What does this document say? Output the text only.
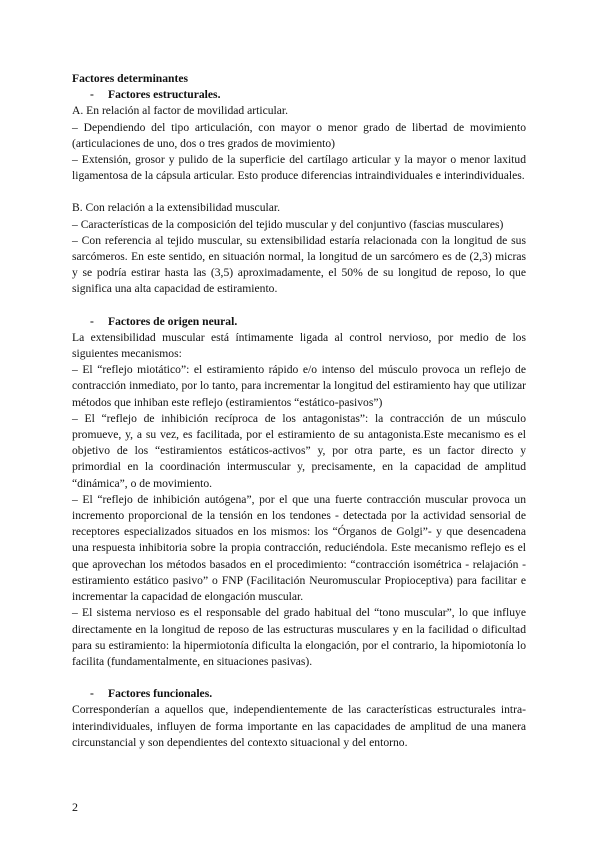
Factores determinantes

- Factores estructurales.

A. En relación al factor de movilidad articular.

– Dependiendo del tipo articulación, con mayor o menor grado de libertad de movimiento (articulaciones de uno, dos o tres grados de movimiento)

– Extensión, grosor y pulido de la superficie del cartílago articular y la mayor o menor laxitud ligamentosa de la cápsula articular. Esto produce diferencias intraindividuales e interindividuales.

B. Con relación a la extensibilidad muscular.

– Características de la composición del tejido muscular y del conjuntivo (fascias musculares)

– Con referencia al tejido muscular, su extensibilidad estaría relacionada con la longitud de sus sarcómeros. En este sentido, en situación normal, la longitud de un sarcómero es de (2,3) micras y se podría estirar hasta las (3,5) aproximadamente, el 50% de su longitud de reposo, lo que significa una alta capacidad de estiramiento.

- Factores de origen neural.

La extensibilidad muscular está íntimamente ligada al control nervioso, por medio de los siguientes mecanismos:

– El “reflejo miotático”: el estiramiento rápido e/o intenso del músculo provoca un reflejo de contracción inmediato, por lo tanto, para incrementar la longitud del estiramiento hay que utilizar métodos que inhiban este reflejo (estiramientos “estático-pasivos”)

– El “reflejo de inhibición recíproca de los antagonistas”: la contracción de un músculo promueve, y, a su vez, es facilitada, por el estiramiento de su antagonista.Este mecanismo es el objetivo de los “estiramientos estáticos-activos” y, por otra parte, es un factor directo y primordial en la coordinación intermuscular y, precisamente, en la capacidad de amplitud “dinámica”, o de movimiento.

– El “reflejo de inhibición autógena”, por el que una fuerte contracción muscular provoca un incremento proporcional de la tensión en los tendones - detectada por la actividad sensorial de receptores especializados situados en los mismos: los “Órganos de Golgi”- y que desencadena una respuesta inhibitoria sobre la propia contracción, reduciéndola. Este mecanismo reflejo es el que aprovechan los métodos basados en el procedimiento: “contracción isométrica - relajación - estiramiento estático pasivo” o FNP (Facilitación Neuromuscular Propioceptiva) para facilitar e incrementar la capacidad de elongación muscular.

– El sistema nervioso es el responsable del grado habitual del “tono muscular”, lo que influye directamente en la longitud de reposo de las estructuras musculares y en la facilidad o dificultad para su estiramiento: la hipermiotonía dificulta la elongación, por el contrario, la hipomiotonía lo facilita (fundamentalmente, en situaciones pasivas).

- Factores funcionales.

Corresponderían a aquellos que, independientemente de las características estructurales intra-interindividuales, influyen de forma importante en las capacidades de amplitud de una manera circunstancial y son dependientes del contexto situacional y del entorno.

2
